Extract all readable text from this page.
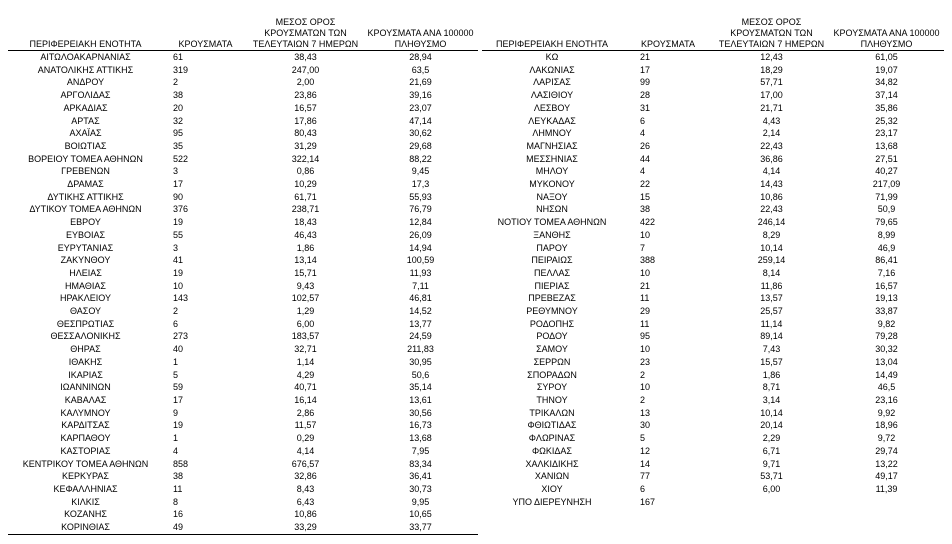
ΠΕΡΙΦΕΡΕΙΑΚΗ ΕΝΟΤΗΤΑ	ΚΡΟΥΣΜΑΤΑ	ΜΕΣΟΣ ΟΡΟΣ ΚΡΟΥΣΜΑΤΩΝ ΤΩΝ ΤΕΛΕΥΤΑΙΩΝ 7 ΗΜΕΡΩΝ	ΚΡΟΥΣΜΑΤΑ ΑΝΑ 100000 ΠΛΗΘΥΣΜΟ
ΑΙΤΩΛΟΑΚΑΡΝΑΝΙΑΣ	61	38,43	28,94
ΑΝΑΤΟΛΙΚΗΣ ΑΤΤΙΚΗΣ	319	247,00	63,5
ΑΝΔΡΟΥ	2	2,00	21,69
ΑΡΓΟΛΙΔΑΣ	38	23,86	39,16
ΑΡΚΑΔΙΑΣ	20	16,57	23,07
ΑΡΤΑΣ	32	17,86	47,14
ΑΧΑΪΑΣ	95	80,43	30,62
ΒΟΙΩΤΙΑΣ	35	31,29	29,68
ΒΟΡΕΙΟΥ ΤΟΜΕΑ ΑΘΗΝΩΝ	522	322,14	88,22
ΓΡΕΒΕΝΩΝ	3	0,86	9,45
ΔΡΑΜΑΣ	17	10,29	17,3
ΔΥΤΙΚΗΣ ΑΤΤΙΚΗΣ	90	61,71	55,93
ΔΥΤΙΚΟΥ ΤΟΜΕΑ ΑΘΗΝΩΝ	376	238,71	76,79
ΕΒΡΟΥ	19	18,43	12,84
ΕΥΒΟΙΑΣ	55	46,43	26,09
ΕΥΡΥΤΑΝΙΑΣ	3	1,86	14,94
ΖΑΚΥΝΘΟΥ	41	13,14	100,59
ΗΛΕΙΑΣ	19	15,71	11,93
ΗΜΑΘΙΑΣ	10	9,43	7,11
ΗΡΑΚΛΕΙΟΥ	143	102,57	46,81
ΘΑΣΟΥ	2	1,29	14,52
ΘΕΣΠΡΩΤΙΑΣ	6	6,00	13,77
ΘΕΣΣΑΛΟΝΙΚΗΣ	273	183,57	24,59
ΘΗΡΑΣ	40	32,71	211,83
ΙΘΑΚΗΣ	1	1,14	30,95
ΙΚΑΡΙΑΣ	5	4,29	50,6
ΙΩΑΝΝΙΝΩΝ	59	40,71	35,14
ΚΑΒΑΛΑΣ	17	16,14	13,61
ΚΑΛΥΜΝΟΥ	9	2,86	30,56
ΚΑΡΔΙΤΣΑΣ	19	11,57	16,73
ΚΑΡΠΑΘΟΥ	1	0,29	13,68
ΚΑΣΤΟΡΙΑΣ	4	4,14	7,95
ΚΕΝΤΡΙΚΟΥ ΤΟΜΕΑ ΑΘΗΝΩΝ	858	676,57	83,34
ΚΕΡΚΥΡΑΣ	38	32,86	36,41
ΚΕΦΑΛΛΗΝΙΑΣ	11	8,43	30,73
ΚΙΛΚΙΣ	8	6,43	9,95
ΚΟΖΑΝΗΣ	16	10,86	10,65
ΚΟΡΙΝΘΙΑΣ	49	33,29	33,77
ΠΕΡΙΦΕΡΕΙΑΚΗ ΕΝΟΤΗΤΑ	ΚΡΟΥΣΜΑΤΑ	ΜΕΣΟΣ ΟΡΟΣ ΚΡΟΥΣΜΑΤΩΝ ΤΩΝ ΤΕΛΕΥΤΑΙΩΝ 7 ΗΜΕΡΩΝ	ΚΡΟΥΣΜΑΤΑ ΑΝΑ 100000 ΠΛΗΘΥΣΜΟ
ΚΩ	21	12,43	61,05
ΛΑΚΩΝΙΑΣ	17	18,29	19,07
ΛΑΡΙΣΑΣ	99	57,71	34,82
ΛΑΣΙΘΙΟΥ	28	17,00	37,14
ΛΕΣΒΟΥ	31	21,71	35,86
ΛΕΥΚΑΔΑΣ	6	4,43	25,32
ΛΗΜΝΟΥ	4	2,14	23,17
ΜΑΓΝΗΣΙΑΣ	26	22,43	13,68
ΜΕΣΣΗΝΙΑΣ	44	36,86	27,51
ΜΗΛΟΥ	4	4,14	40,27
ΜΥΚΟΝΟΥ	22	14,43	217,09
ΝΑΞΟΥ	15	10,86	71,99
ΝΗΣΩΝ	38	22,43	50,9
ΝΟΤΙΟΥ ΤΟΜΕΑ ΑΘΗΝΩΝ	422	246,14	79,65
ΞΑΝΘΗΣ	10	8,29	8,99
ΠΑΡΟΥ	7	10,14	46,9
ΠΕΙΡΑΙΩΣ	388	259,14	86,41
ΠΕΛΛΑΣ	10	8,14	7,16
ΠΙΕΡΙΑΣ	21	11,86	16,57
ΠΡΕΒΕΖΑΣ	11	13,57	19,13
ΡΕΘΥΜΝΟΥ	29	25,57	33,87
ΡΟΔΟΠΗΣ	11	11,14	9,82
ΡΟΔΟΥ	95	89,14	79,28
ΣΑΜΟΥ	10	7,43	30,32
ΣΕΡΡΩΝ	23	15,57	13,04
ΣΠΟΡΑΔΩΝ	2	1,86	14,49
ΣΥΡΟΥ	10	8,71	46,5
ΤΗΝΟΥ	2	3,14	23,16
ΤΡΙΚΑΛΩΝ	13	10,14	9,92
ΦΘΙΩΤΙΔΑΣ	30	20,14	18,96
ΦΛΩΡΙΝΑΣ	5	2,29	9,72
ΦΩΚΙΔΑΣ	12	6,71	29,74
ΧΑΛΚΙΔΙΚΗΣ	14	9,71	13,22
ΧΑΝΙΩΝ	77	53,71	49,17
ΧΙΟΥ	6	6,00	11,39
ΥΠΟ ΔΙΕΡΕΥΝΗΣΗ	167		
